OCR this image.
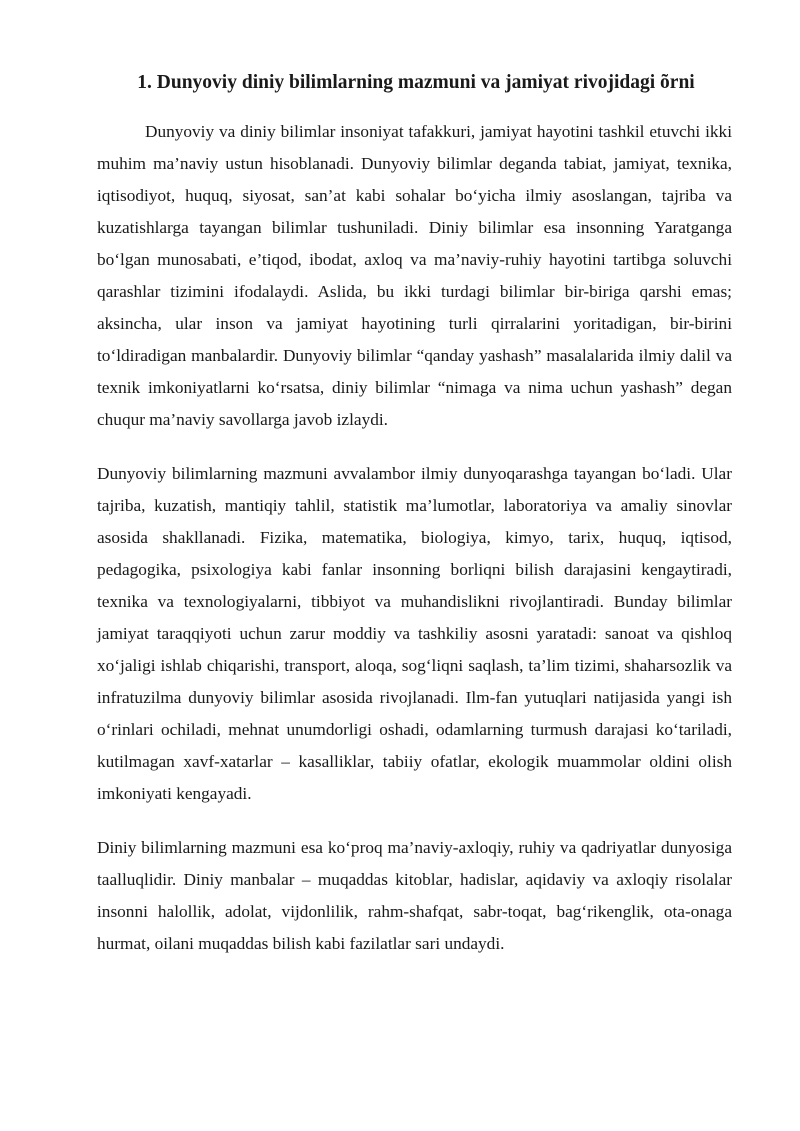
1. Dunyoviy diniy bilimlarning mazmuni va jamiyat rivojidagi õrni

Dunyoviy va diniy bilimlar insoniyat tafakkuri, jamiyat hayotini tashkil etuvchi ikki muhim ma’naviy ustun hisoblanadi. Dunyoviy bilimlar deganda tabiat, jamiyat, texnika, iqtisodiyot, huquq, siyosat, san’at kabi sohalar bo‘yicha ilmiy asoslangan, tajriba va kuzatishlarga tayangan bilimlar tushuniladi. Diniy bilimlar esa insonning Yaratganga bo‘lgan munosabati, e’tiqod, ibodat, axloq va ma’naviy-ruhiy hayotini tartibga soluvchi qarashlar tizimini ifodalaydi. Aslida, bu ikki turdagi bilimlar bir-biriga qarshi emas; aksincha, ular inson va jamiyat hayotining turli qirralarini yoritadigan, bir-birini to‘ldiradigan manbalardir. Dunyoviy bilimlar “qanday yashash” masalalarida ilmiy dalil va texnik imkoniyatlarni ko‘rsatsa, diniy bilimlar “nimaga va nima uchun yashash” degan chuqur ma’naviy savollarga javob izlaydi.

Dunyoviy bilimlarning mazmuni avvalambor ilmiy dunyoqarashga tayangan bo‘ladi. Ular tajriba, kuzatish, mantiqiy tahlil, statistik ma’lumotlar, laboratoriya va amaliy sinovlar asosida shakllanadi. Fizika, matematika, biologiya, kimyo, tarix, huquq, iqtisod, pedagogika, psixologiya kabi fanlar insonning borliqni bilish darajasini kengaytiradi, texnika va texnologiyalarni, tibbiyot va muhandislikni rivojlantiradi. Bunday bilimlar jamiyat taraqqiyoti uchun zarur moddiy va tashkiliy asosni yaratadi: sanoat va qishloq xo‘jaligi ishlab chiqarishi, transport, aloqa, sog‘liqni saqlash, ta’lim tizimi, shaharsozlik va infratuzilma dunyoviy bilimlar asosida rivojlanadi. Ilm-fan yutuqlari natijasida yangi ish o‘rinlari ochiladi, mehnat unumdorligi oshadi, odamlarning turmush darajasi ko‘tariladi, kutilmagan xavf-xatarlar – kasalliklar, tabiiy ofatlar, ekologik muammolar oldini olish imkoniyati kengayadi.

Diniy bilimlarning mazmuni esa ko‘proq ma’naviy-axloqiy, ruhiy va qadriyatlar dunyosiga taalluqlidir. Diniy manbalar – muqaddas kitoblar, hadislar, aqidaviy va axloqiy risolalar insonni halollik, adolat, vijdonlilik, rahm-shafqat, sabr-toqat, bag‘rikenglik, ota-onaga hurmat, oilani muqaddas bilish kabi fazilatlar sari undaydi.
